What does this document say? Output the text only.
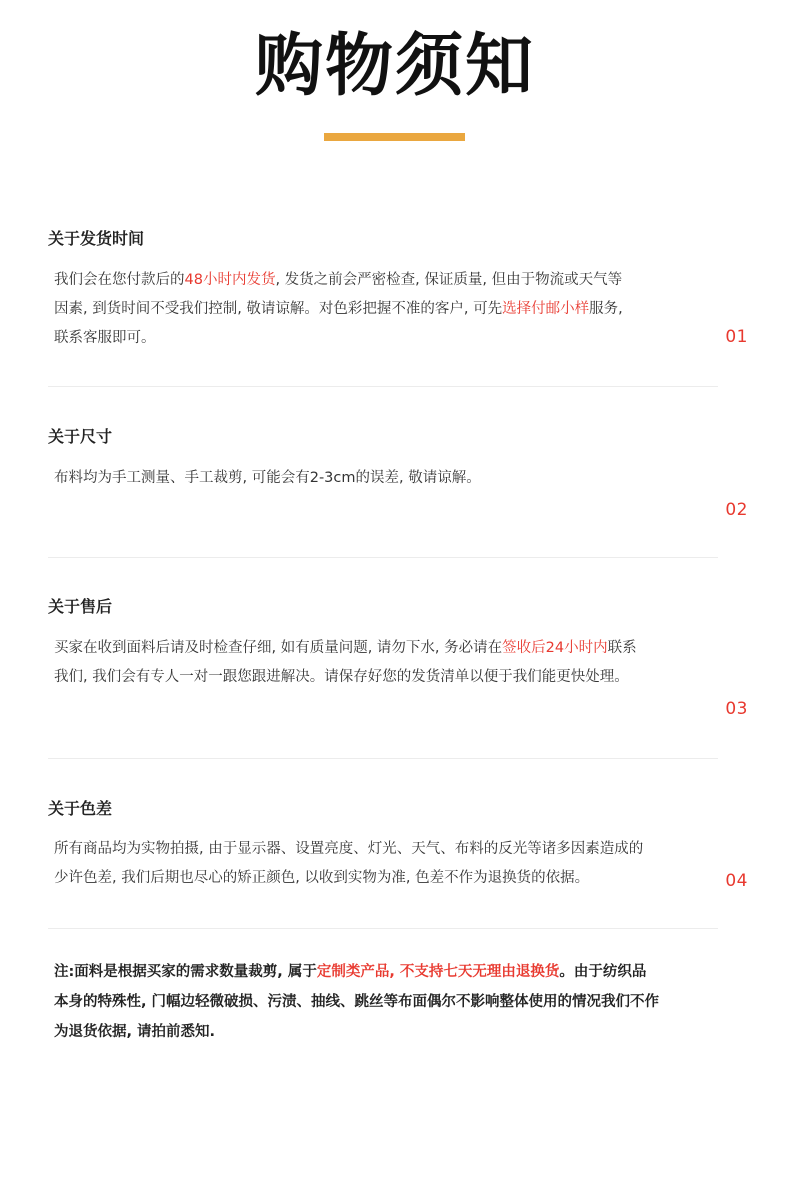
购物须知
关于发货时间

我们会在您付款后的48小时内发货, 发货之前会严密检查, 保证质量, 但由于物流或天气等
因素, 到货时间不受我们控制, 敬请谅解。对色彩把握不准的客户, 可先选择付邮小样服务,
联系客服即可。	01
关于尺寸

布料均为手工测量、手工裁剪, 可能会有2-3cm的误差, 敬请谅解。

02
关于售后

买家在收到面料后请及时检查仔细, 如有质量问题, 请勿下水, 务必请在签收后24小时内联系
我们, 我们会有专人一对一跟您跟进解决。请保存好您的发货清单以便于我们能更快处理。

03
关于色差

所有商品均为实物拍摄, 由于显示器、设置亮度、灯光、天气、布料的反光等诸多因素造成的
少许色差, 我们后期也尽心的矫正颜色, 以收到实物为准, 色差不作为退换货的依据。	04

注:面料是根据买家的需求数量裁剪, 属于定制类产品, 不支持七天无理由退换货。由于纺织品
本身的特殊性, 门幅边轻微破损、污渍、抽线、跳丝等布面偶尔不影响整体使用的情况我们不作
为退货依据, 请拍前悉知.
